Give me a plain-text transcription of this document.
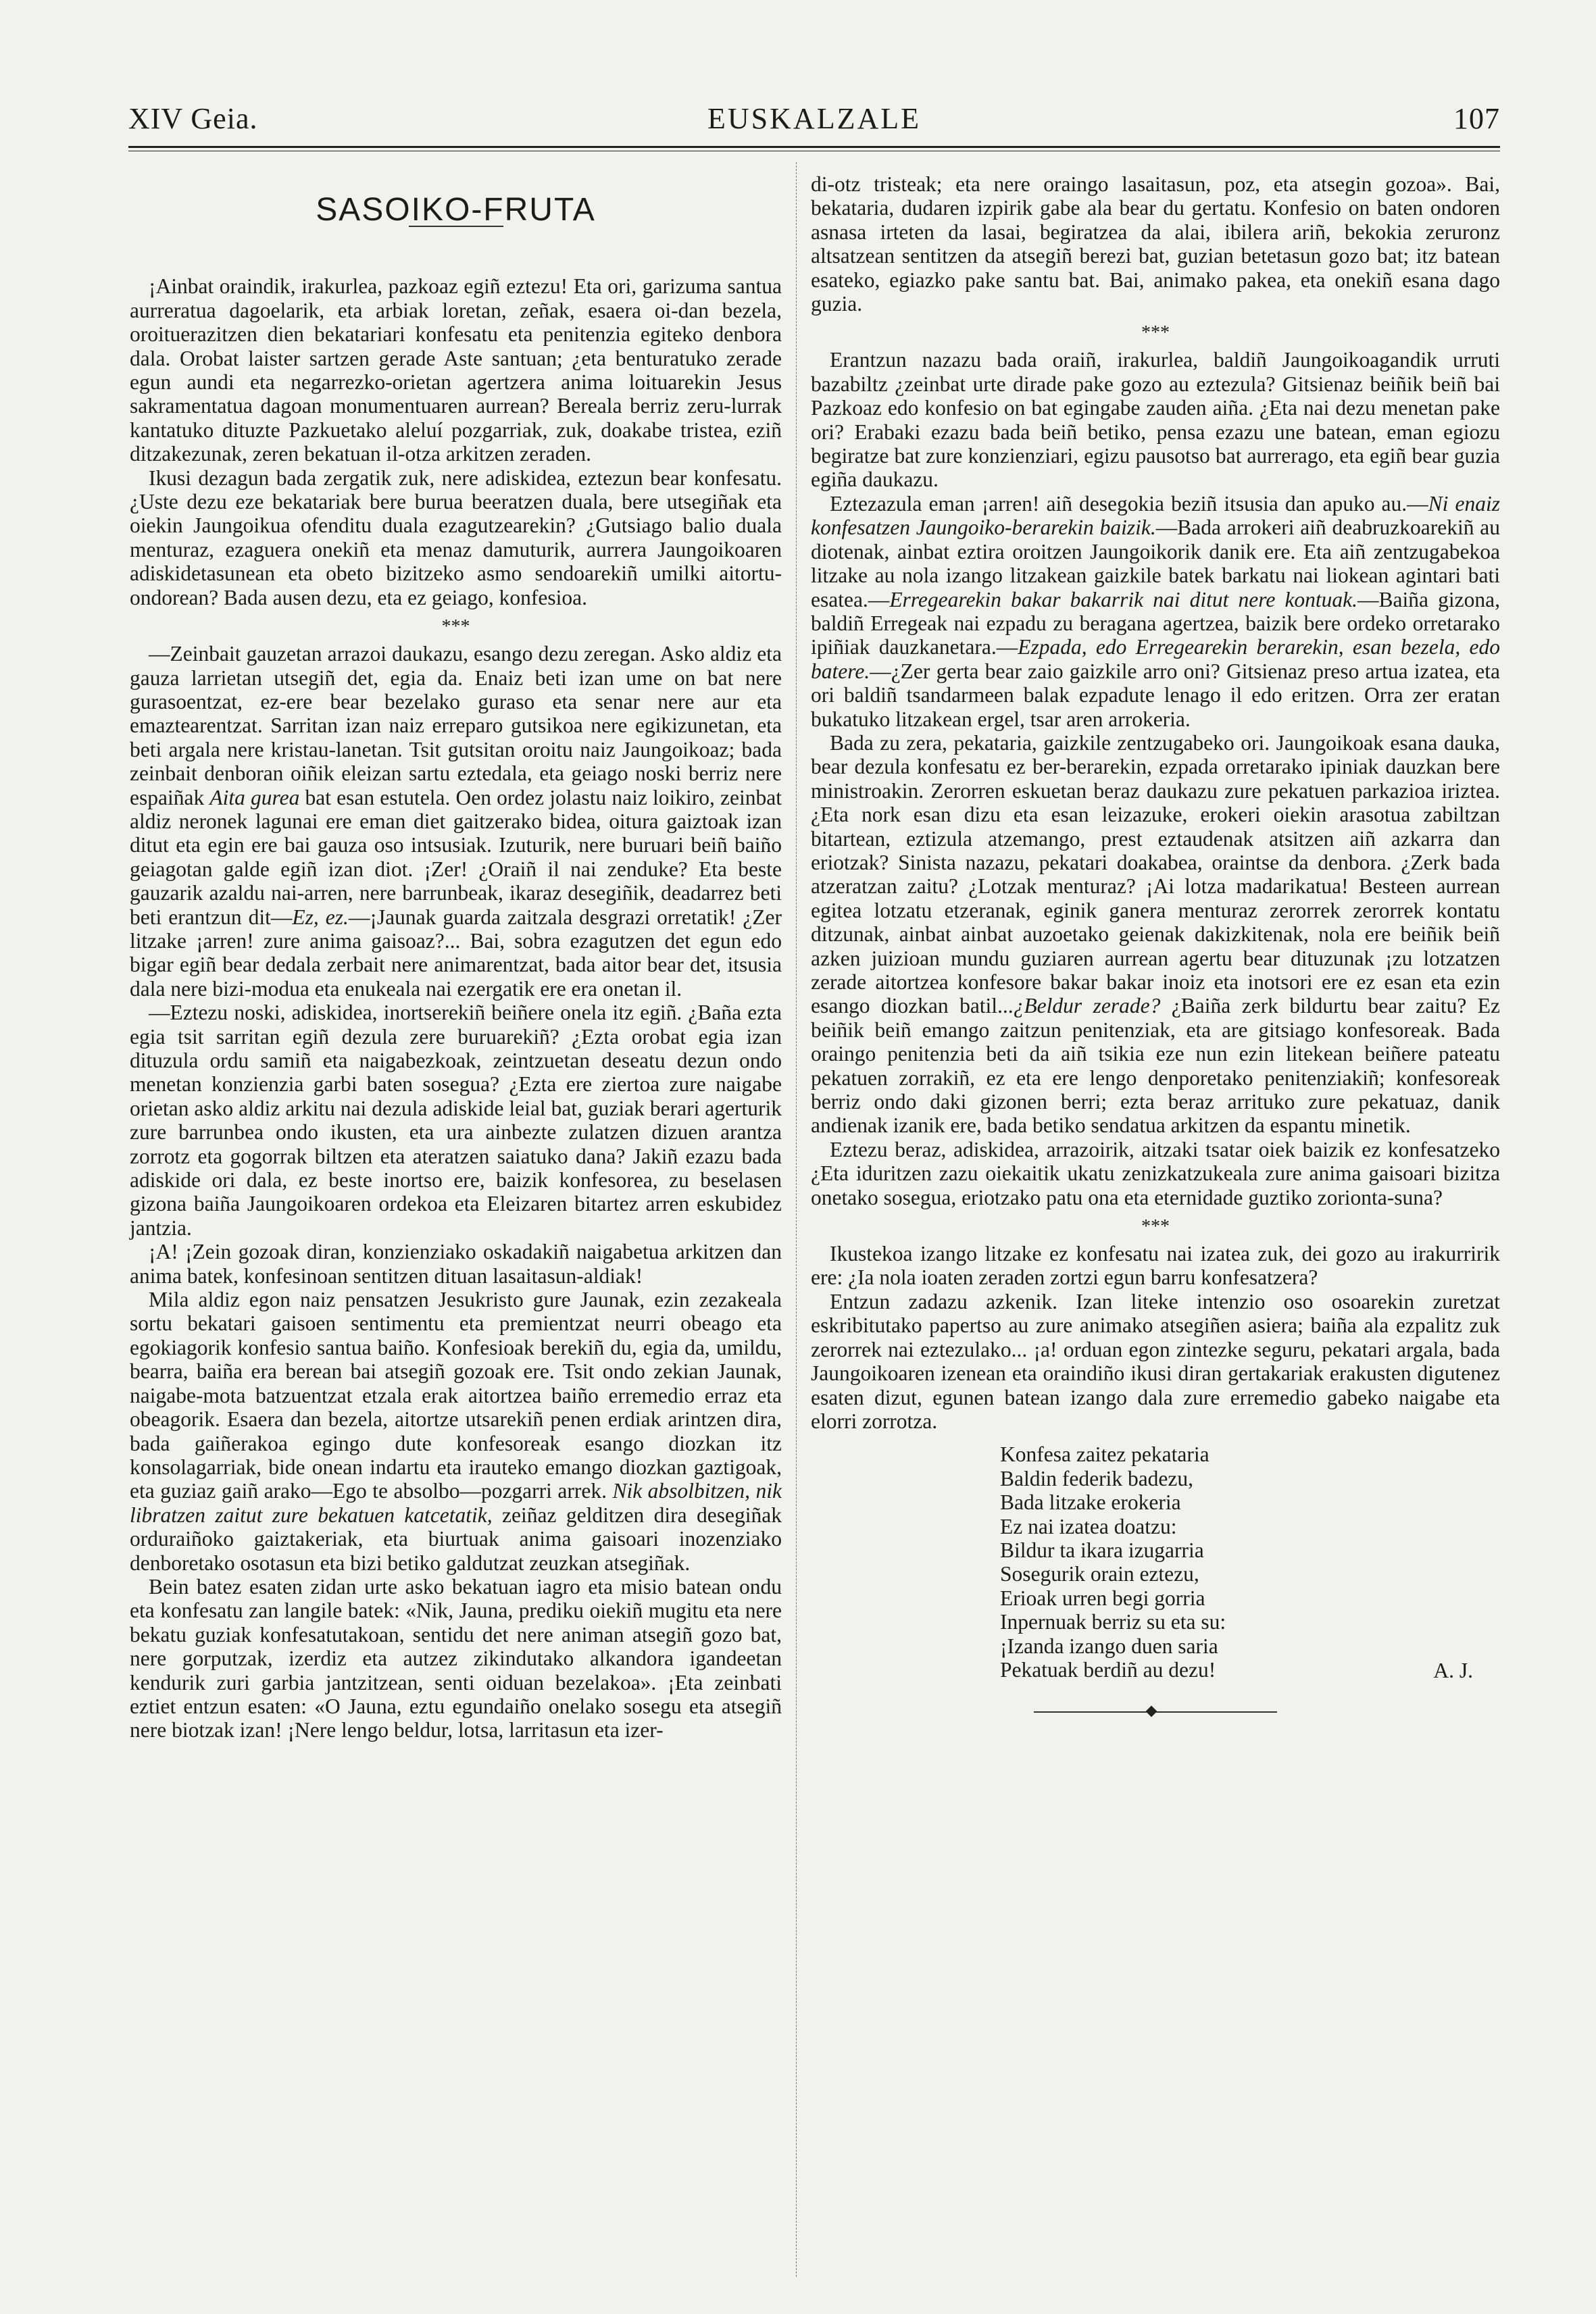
XIV Geia.	EUSKALZALE	107
SASOIKO-FRUTA

¡Ainbat oraindik, irakurlea, pazkoaz egiñ eztezu! Eta ori, garizuma santua aurreratua dagoelarik, eta arbiak loretan, zeñak, esaera oi-dan bezela, oroituerazitzen dien bekatariari konfesatu eta penitenzia egiteko denbora dala. Orobat laister sartzen gerade Aste santuan; ¿eta benturatuko zerade egun aundi eta negarrezko-orietan agertzera anima loituarekin Jesus sakramentatua dagoan monumentuaren aurrean? Bereala berriz zeru-lurrak kantatuko dituzte Pazkuetako aleluí pozgarriak, zuk, doakabe tristea, eziñ ditzakezunak, zeren bekatuan il-otza arkitzen zeraden.

Ikusi dezagun bada zergatik zuk, nere adiskidea, eztezun bear konfesatu. ¿Uste dezu eze bekatariak bere burua beeratzen duala, bere utsegiñak eta oiekin Jaungoikua ofenditu duala ezagutzearekin? ¿Gutsiago balio duala menturaz, ezaguera onekiñ eta menaz damuturik, aurrera Jaungoikoaren adiskidetasunean eta obeto bizitzeko asmo sendoarekiñ umilki aitortu-ondorean? Bada ausen dezu, eta ez geiago, konfesioa.

***

—Zeinbait gauzetan arrazoi daukazu, esango dezu zeregan. Asko aldiz eta gauza larrietan utsegiñ det, egia da. Enaiz beti izan ume on bat nere gurasoentzat, ez-ere bear bezelako guraso eta senar nere aur eta emaztearentzat. Sarritan izan naiz erreparo gutsikoa nere egikizunetan, eta beti argala nere kristau-lanetan. Tsit gutsitan oroitu naiz Jaungoikoaz; bada zeinbait denboran oiñik eleizan sartu eztedala, eta geiago noski berriz nere espaiñak Aita gurea bat esan estutela. Oen ordez jolastu naiz loikiro, zeinbat aldiz neronek lagunai ere eman diet gaitzerako bidea, oitura gaiztoak izan ditut eta egin ere bai gauza oso intsusiak. Izuturik, nere buruari beiñ baiño geiagotan galde egiñ izan diot. ¡Zer! ¿Oraiñ il nai zenduke? Eta beste gauzarik azaldu nai-arren, nere barrunbeak, ikaraz desegiñik, deadarrez beti beti erantzun dit—Ez, ez.—¡Jaunak guarda zaitzala desgrazi orretatik! ¿Zer litzake ¡arren! zure anima gaisoaz?... Bai, sobra ezagutzen det egun edo bigar egiñ bear dedala zerbait nere animarentzat, bada aitor bear det, itsusia dala nere bizi-modua eta enukeala nai ezergatik ere era onetan il.

—Eztezu noski, adiskidea, inortserekiñ beiñere onela itz egiñ. ¿Baña ezta egia tsit sarritan egiñ dezula zere buruarekiñ? ¿Ezta orobat egia izan dituzula ordu samiñ eta naigabezkoak, zeintzuetan deseatu dezun ondo menetan konzienzia garbi baten sosegua? ¿Ezta ere ziertoa zure naigabe orietan asko aldiz arkitu nai dezula adiskide leial bat, guziak berari agerturik zure barrunbea ondo ikusten, eta ura ainbezte zulatzen dizuen arantza zorrotz eta gogorrak biltzen eta ateratzen saiatuko dana? Jakiñ ezazu bada adiskide ori dala, ez beste inortso ere, baizik konfesorea, zu beselasen gizona baiña Jaungoikoaren ordekoa eta Eleizaren bitartez arren eskubidez jantzia.

¡A! ¡Zein gozoak diran, konzienziako oskadakiñ naigabetua arkitzen dan anima batek, konfesinoan sentitzen dituan lasaitasun-aldiak!

Mila aldiz egon naiz pensatzen Jesukristo gure Jaunak, ezin zezakeala sortu bekatari gaisoen sentimentu eta premientzat neurri obeago eta egokiagorik konfesio santua baiño. Konfesioak berekiñ du, egia da, umildu, bearra, baiña era berean bai atsegiñ gozoak ere. Tsit ondo zekian Jaunak, naigabe-mota batzuentzat etzala erak aitortzea baiño erremedio erraz eta obeagorik. Esaera dan bezela, aitortze utsarekiñ penen erdiak arintzen dira, bada gaiñerakoa egingo dute konfesoreak esango diozkan itz konsolagarriak, bide onean indartu eta irauteko emango diozkan gaztigoak, eta guziaz gaiñ arako—Ego te absolbo—pozgarri arrek. Nik absolbitzen, nik libratzen zaitut zure bekatuen katcetatik, zeiñaz gelditzen dira desegiñak orduraiñoko gaiztakeriak, eta biurtuak anima gaisoari inozenziako denboretako osotasun eta bizi betiko galdutzat zeuzkan atsegiñak.

Bein batez esaten zidan urte asko bekatuan iagro eta misio batean ondu eta konfesatu zan langile batek: «Nik, Jauna, prediku oiekiñ mugitu eta nere bekatu guziak konfesatutakoan, sentidu det nere animan atsegiñ gozo bat, nere gorputzak, izerdiz eta autzez zikindutako alkandora igandeetan kendurik zuri garbia jantzitzean, senti oiduan bezelakoa». ¡Eta zeinbati eztiet entzun esaten: «O Jauna, eztu egundaiño onelako sosegu eta atsegiñ nere biotzak izan! ¡Nere lengo beldur, lotsa, larritasun eta izer-

di-otz tristeak; eta nere oraingo lasaitasun, poz, eta atsegin gozoa». Bai, bekataria, dudaren izpirik gabe ala bear du gertatu. Konfesio on baten ondoren asnasa irteten da lasai, begiratzea da alai, ibilera ariñ, bekokia zeruronz altsatzean sentitzen da atsegiñ berezi bat, guzian betetasun gozo bat; itz batean esateko, egiazko pake santu bat. Bai, animako pakea, eta onekiñ esana dago guzia.

***

Erantzun nazazu bada oraiñ, irakurlea, baldiñ Jaungoikoagandik urruti bazabiltz ¿zeinbat urte dirade pake gozo au eztezula? Gitsienaz beiñik beiñ bai Pazkoaz edo konfesio on bat egingabe zauden aiña. ¿Eta nai dezu menetan pake ori? Erabaki ezazu bada beiñ betiko, pensa ezazu une batean, eman egiozu begiratze bat zure konzienziari, egizu pausotso bat aurrerago, eta egiñ bear guzia egiña daukazu.

Eztezazula eman ¡arren! aiñ desegokia beziñ itsusia dan apuko au.—Ni enaiz konfesatzen Jaungoiko-berarekin baizik.—Bada arrokeri aiñ deabruzkoarekiñ au diotenak, ainbat eztira oroitzen Jaungoikorik danik ere. Eta aiñ zentzugabekoa litzake au nola izango litzakean gaizkile batek barkatu nai liokean agintari bati esatea.—Erregearekin bakar bakarrik nai ditut nere kontuak.—Baiña gizona, baldiñ Erregeak nai ezpadu zu beragana agertzea, baizik bere ordeko orretarako ipiñiak dauzkanetara.—Ezpada, edo Erregearekin berarekin, esan bezela, edo batere.—¿Zer gerta bear zaio gaizkile arro oni? Gitsienaz preso artua izatea, eta ori baldiñ tsandarmeen balak ezpadute lenago il edo eritzen. Orra zer eratan bukatuko litzakean ergel, tsar aren arrokeria.

Bada zu zera, pekataria, gaizkile zentzugabeko ori. Jaungoikoak esana dauka, bear dezula konfesatu ez ber-berarekin, ezpada orretarako ipiniak dauzkan bere ministroakin. Zerorren eskuetan beraz daukazu zure pekatuen parkazioa iriztea. ¿Eta nork esan dizu eta esan leizazuke, erokeri oiekin arasotua zabiltzan bitartean, eztizula atzemango, prest eztaudenak atsitzen aiñ azkarra dan eriotzak? Sinista nazazu, pekatari doakabea, oraintse da denbora. ¿Zerk bada atzeratzan zaitu? ¿Lotzak menturaz? ¡Ai lotza madarikatua! Besteen aurrean egitea lotzatu etzeranak, eginik ganera menturaz zerorrek zerorrek kontatu ditzunak, ainbat ainbat auzoetako geienak dakizkitenak, nola ere beiñik beiñ azken juizioan mundu guziaren aurrean agertu bear dituzunak ¡zu lotzatzen zerade aitortzea konfesore bakar bakar inoiz eta inotsori ere ez esan eta ezin esango diozkan batil...¿Beldur zerade? ¿Baiña zerk bildurtu bear zaitu? Ez beiñik beiñ emango zaitzun penitenziak, eta are gitsiago konfesoreak. Bada oraingo penitenzia beti da aiñ tsikia eze nun ezin litekean beiñere pateatu pekatuen zorrakiñ, ez eta ere lengo denporetako penitenziakiñ; konfesoreak berriz ondo daki gizonen berri; ezta beraz arrituko zure pekatuaz, danik andienak izanik ere, bada betiko sendatua arkitzen da espantu minetik.

Eztezu beraz, adiskidea, arrazoirik, aitzaki tsatar oiek baizik ez konfesatzeko ¿Eta iduritzen zazu oiekaitik ukatu zenizkatzukeala zure anima gaisoari bizitza onetako sosegua, eriotzako patu ona eta eternidade guztiko zorionta-suna?

***

Ikustekoa izango litzake ez konfesatu nai izatea zuk, dei gozo au irakurririk ere: ¿Ia nola ioaten zeraden zortzi egun barru konfesatzera?

Entzun zadazu azkenik. Izan liteke intenzio oso osoarekin zuretzat eskribitutako papertso au zure animako atsegiñen asiera; baiña ala ezpalitz zuk zerorrek nai eztezulako... ¡a! orduan egon zintezke seguru, pekatari argala, bada Jaungoikoaren izenean eta oraindiño ikusi diran gertakariak erakusten digutenez esaten dizut, egunen batean izango dala zure erremedio gabeko naigabe eta elorri zorrotza.

Konfesa zaitez pekataria
Baldin federik badezu,
Bada litzake erokeria
Ez nai izatea doatzu:
Bildur ta ikara izugarria
Sosegurik orain eztezu,
Erioak urren begi gorria
Inpernuak berriz su eta su:
¡Izanda izango duen saria
Pekatuak berdiñ au dezu!	A. J.
